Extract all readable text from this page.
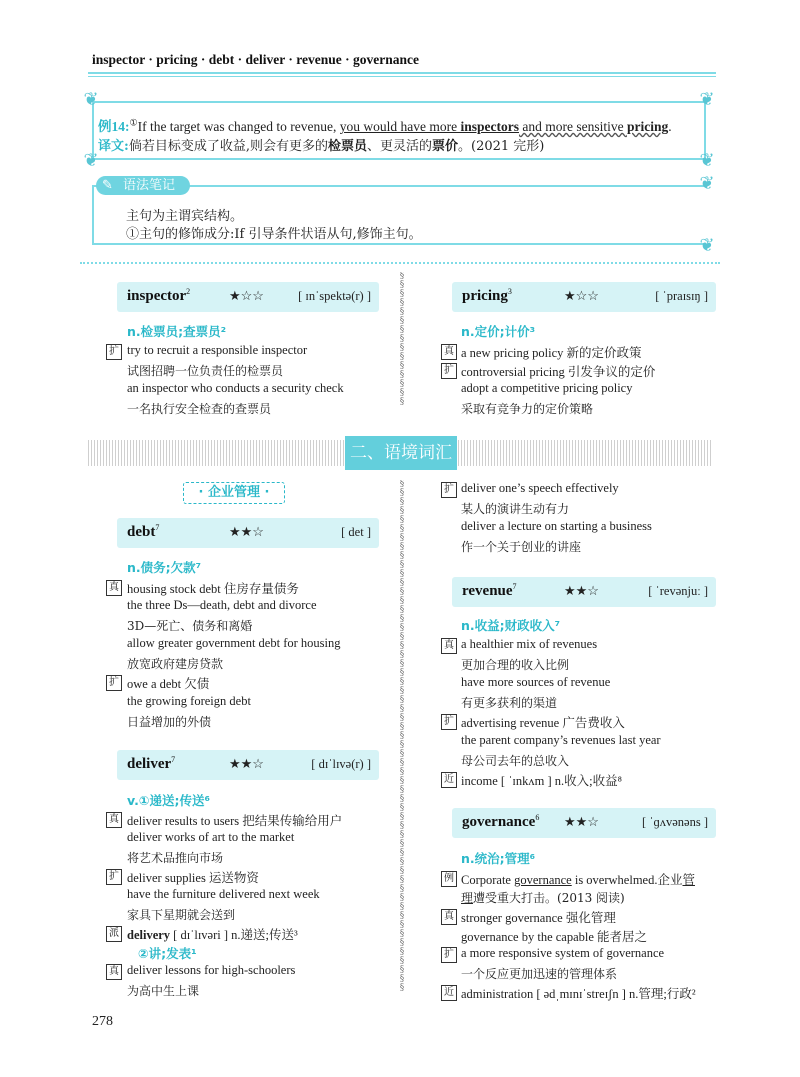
inspector · pricing · debt · deliver · revenue · governance
❦	❦
❦	❦
例14:①If the target was changed to revenue, you would have more inspectors and more sensitive pricing.
译文:倘若目标变成了收益,则会有更多的检票员、更灵活的票价。(2021 完形)
❦
❦
✎ 语法笔记
主句为主谓宾结构。
①主句的修饰成分:If 引导条件状语从句,修饰主句。
§
§
§
§
§
§
§
§
§
§
§
§
§
§
§
§
§
§
§
§
§
§
§
§
§
§
§
§
§
§
§
§
§
§
§
§
§
§
§
§
§
§
§
§
§
§
§
§
§
§
§
§
§
§
§
§
§
§
§
§
§
§
§
§
§
§
§
§
§
§
§
§
inspector$^2$	★☆☆	[ ɪnˈspektə(r) ]
n.检票员;查票员²
扩 try to recruit a responsible inspector
试图招聘一位负责任的检票员
an inspector who conducts a security check
一名执行安全检查的查票员
pricing$^3$	★☆☆	[ ˈpraɪsɪŋ ]
n.定价;计价³
真 a new pricing policy 新的定价政策
扩 controversial pricing 引发争议的定价
adopt a competitive pricing policy
采取有竞争力的定价策略
二、语境词汇
· 企业管理 ·
debt$^7$	★★☆	[ det ]
n.债务;欠款⁷
真 housing stock debt 住房存量债务
the three Ds—death, debt and divorce
3D—死亡、债务和离婚
allow greater government debt for housing
放宽政府建房贷款
扩 owe a debt 欠债
the growing foreign debt
日益增加的外债
deliver$^7$	★★☆	[ dɪˈlɪvə(r) ]
v.①递送;传送⁶
真 deliver results to users 把结果传输给用户
deliver works of art to the market
将艺术品推向市场
扩 deliver supplies 运送物资
have the furniture delivered next week
家具下星期就会送到
派 delivery [ dɪˈlɪvəri ] n.递送;传送³
②讲;发表¹
真 deliver lessons for high-schoolers
为高中生上课
扩 deliver one’s speech effectively
某人的演讲生动有力
deliver a lecture on starting a business
作一个关于创业的讲座
revenue$^7$	★★☆	[ ˈrevənjuː ]
n.收益;财政收入⁷
真 a healthier mix of revenues
更加合理的收入比例
have more sources of revenue
有更多获利的渠道
扩 advertising revenue 广告费收入
the parent company’s revenues last year
母公司去年的总收入
近 income [ ˈɪnkʌm ] n.收入;收益⁸
governance$^6$ ★★☆	[ ˈɡʌvənəns ]
n.统治;管理⁶
例 Corporate governance is overwhelmed.企业管
理遭受重大打击。(2013 阅读)
真 stronger governance 强化管理
governance by the capable 能者居之
扩 a more responsive system of governance
一个反应更加迅速的管理体系
近 administration [ ədˌmɪnɪˈstreɪʃn ] n.管理;行政²
278
